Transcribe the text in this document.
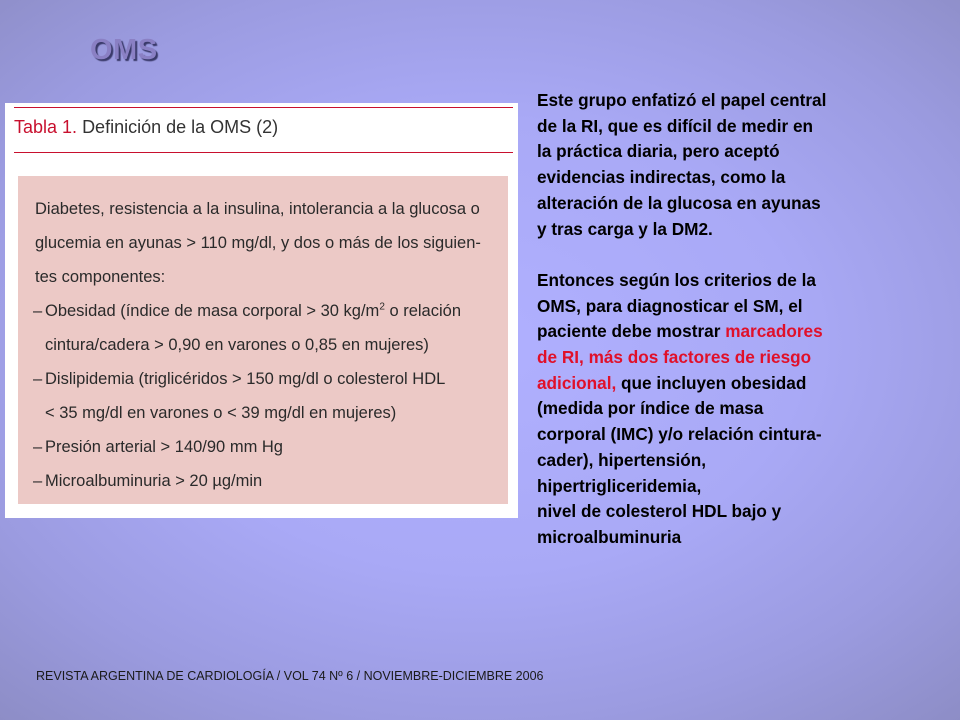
OMS
Tabla 1. Definición de la OMS (2)
Diabetes, resistencia a la insulina, intolerancia a la glucosa o
glucemia en ayunas > 110 mg/dl, y dos o más de los siguien-
tes componentes:
– Obesidad (índice de masa corporal > 30 $kg/m^2$ o relación
cintura/cadera > 0,90 en varones o 0,85 en mujeres)
– Dislipidemia (triglicéridos > 150 mg/dl o colesterol HDL
< 35 mg/dl en varones o < 39 mg/dl en mujeres)
– Presión arterial > 140/90 mm Hg
– Microalbuminuria > 20 µg/min

Este grupo enfatizó el papel central
de la RI, que es difícil de medir en
la práctica diaria, pero aceptó
evidencias indirectas, como la
alteración de la glucosa en ayunas
y tras carga y la DM2.

Entonces según los criterios de la
OMS, para diagnosticar el SM, el
paciente debe mostrar marcadores
de RI, más dos factores de riesgo
adicional, que incluyen obesidad
(medida por índice de masa
corporal (IMC) y/o relación cintura-
cader), hipertensión,
hipertrigliceridemia,
nivel de colesterol HDL bajo y
microalbuminuria

REVISTA ARGENTINA DE CARDIOLOGÍA / VOL 74 Nº 6 / NOVIEMBRE-DICIEMBRE 2006
